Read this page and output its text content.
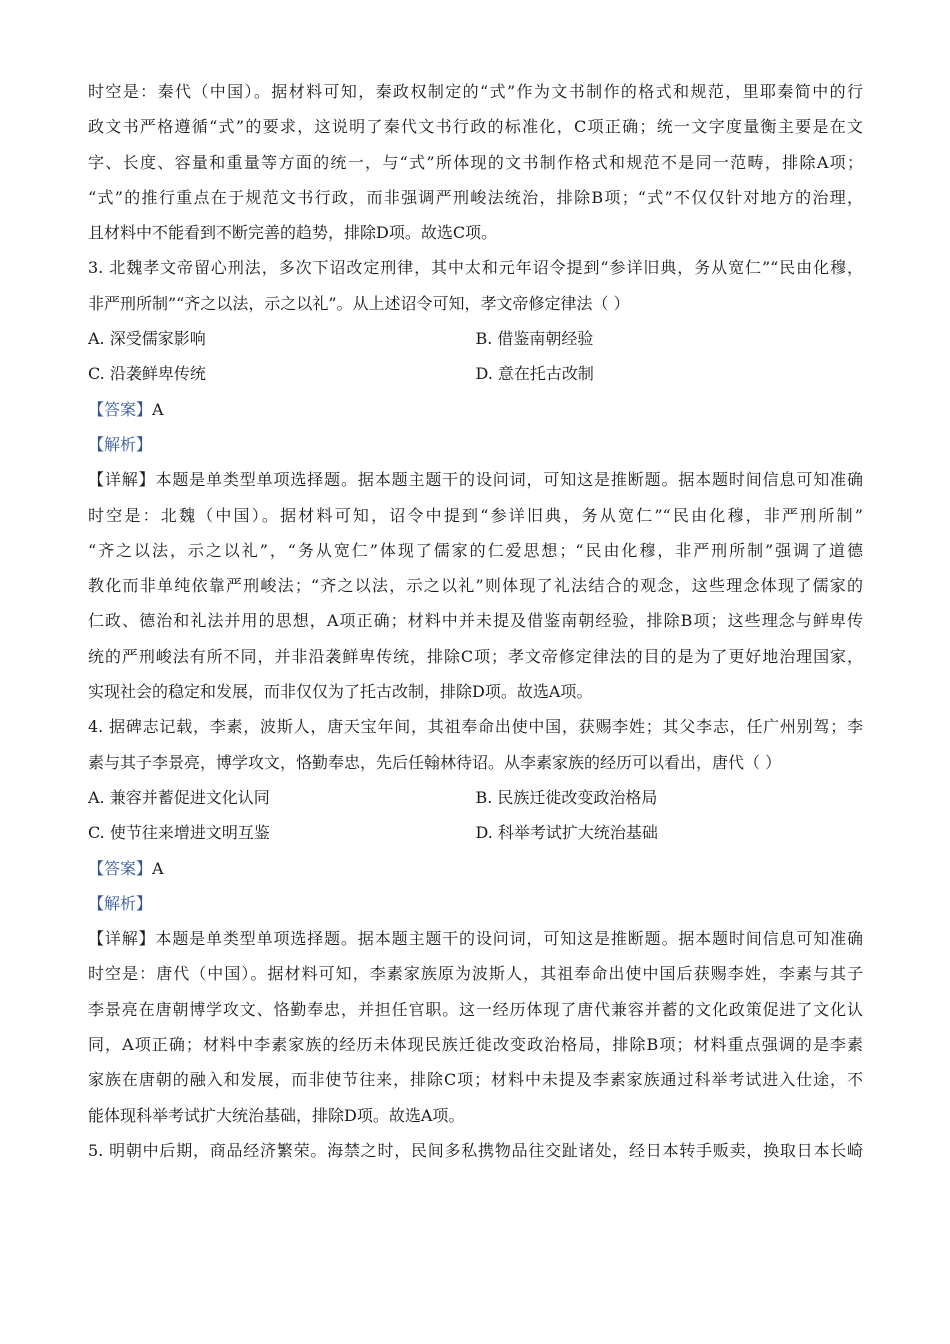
时空是：秦代（中国）。据材料可知，秦政权制定的“式”作为文书制作的格式和规范，里耶秦简中的行
政文书严格遵循“式”的要求，这说明了秦代文书行政的标准化，C项正确；统一文字度量衡主要是在文
字、长度、容量和重量等方面的统一，与“式”所体现的文书制作格式和规范不是同一范畴，排除A项；
“式”的推行重点在于规范文书行政，而非强调严刑峻法统治，排除B项；“式”不仅仅针对地方的治理，
且材料中不能看到不断完善的趋势，排除D项。故选C项。
3. 北魏孝文帝留心刑法，多次下诏改定刑律，其中太和元年诏令提到“参详旧典，务从宽仁”“民由化穆，
非严刑所制”“齐之以法，示之以礼”。从上述诏令可知，孝文帝修定律法（ ）
A. 深受儒家影响	B. 借鉴南朝经验
C. 沿袭鲜卑传统	D. 意在托古改制
【答案】A
【解析】
【详解】本题是单类型单项选择题。据本题主题干的设问词，可知这是推断题。据本题时间信息可知准确
时空是：北魏（中国）。据材料可知，诏令中提到“参详旧典，务从宽仁”“民由化穆，非严刑所制”
“齐之以法，示之以礼”，“务从宽仁”体现了儒家的仁爱思想；“民由化穆，非严刑所制”强调了道德
教化而非单纯依靠严刑峻法；“齐之以法，示之以礼”则体现了礼法结合的观念，这些理念体现了儒家的
仁政、德治和礼法并用的思想，A项正确；材料中并未提及借鉴南朝经验，排除B项；这些理念与鲜卑传
统的严刑峻法有所不同，并非沿袭鲜卑传统，排除C项；孝文帝修定律法的目的是为了更好地治理国家，
实现社会的稳定和发展，而非仅仅为了托古改制，排除D项。故选A项。
4. 据碑志记载，李素，波斯人，唐天宝年间，其祖奉命出使中国，获赐李姓；其父李志，任广州别驾；李
素与其子李景亮，博学攻文，恪勤奉忠，先后任翰林待诏。从李素家族的经历可以看出，唐代（ ）
A. 兼容并蓄促进文化认同	B. 民族迁徙改变政治格局
C. 使节往来增进文明互鉴	D. 科举考试扩大统治基础
【答案】A
【解析】
【详解】本题是单类型单项选择题。据本题主题干的设问词，可知这是推断题。据本题时间信息可知准确
时空是：唐代（中国）。据材料可知，李素家族原为波斯人，其祖奉命出使中国后获赐李姓，李素与其子
李景亮在唐朝博学攻文、恪勤奉忠，并担任官职。这一经历体现了唐代兼容并蓄的文化政策促进了文化认
同，A项正确；材料中李素家族的经历未体现民族迁徙改变政治格局，排除B项；材料重点强调的是李素
家族在唐朝的融入和发展，而非使节往来，排除C项；材料中未提及李素家族通过科举考试进入仕途，不
能体现科举考试扩大统治基础，排除D项。故选A项。
5. 明朝中后期，商品经济繁荣。海禁之时，民间多私携物品往交趾诸处，经日本转手贩卖，换取日本长崎
